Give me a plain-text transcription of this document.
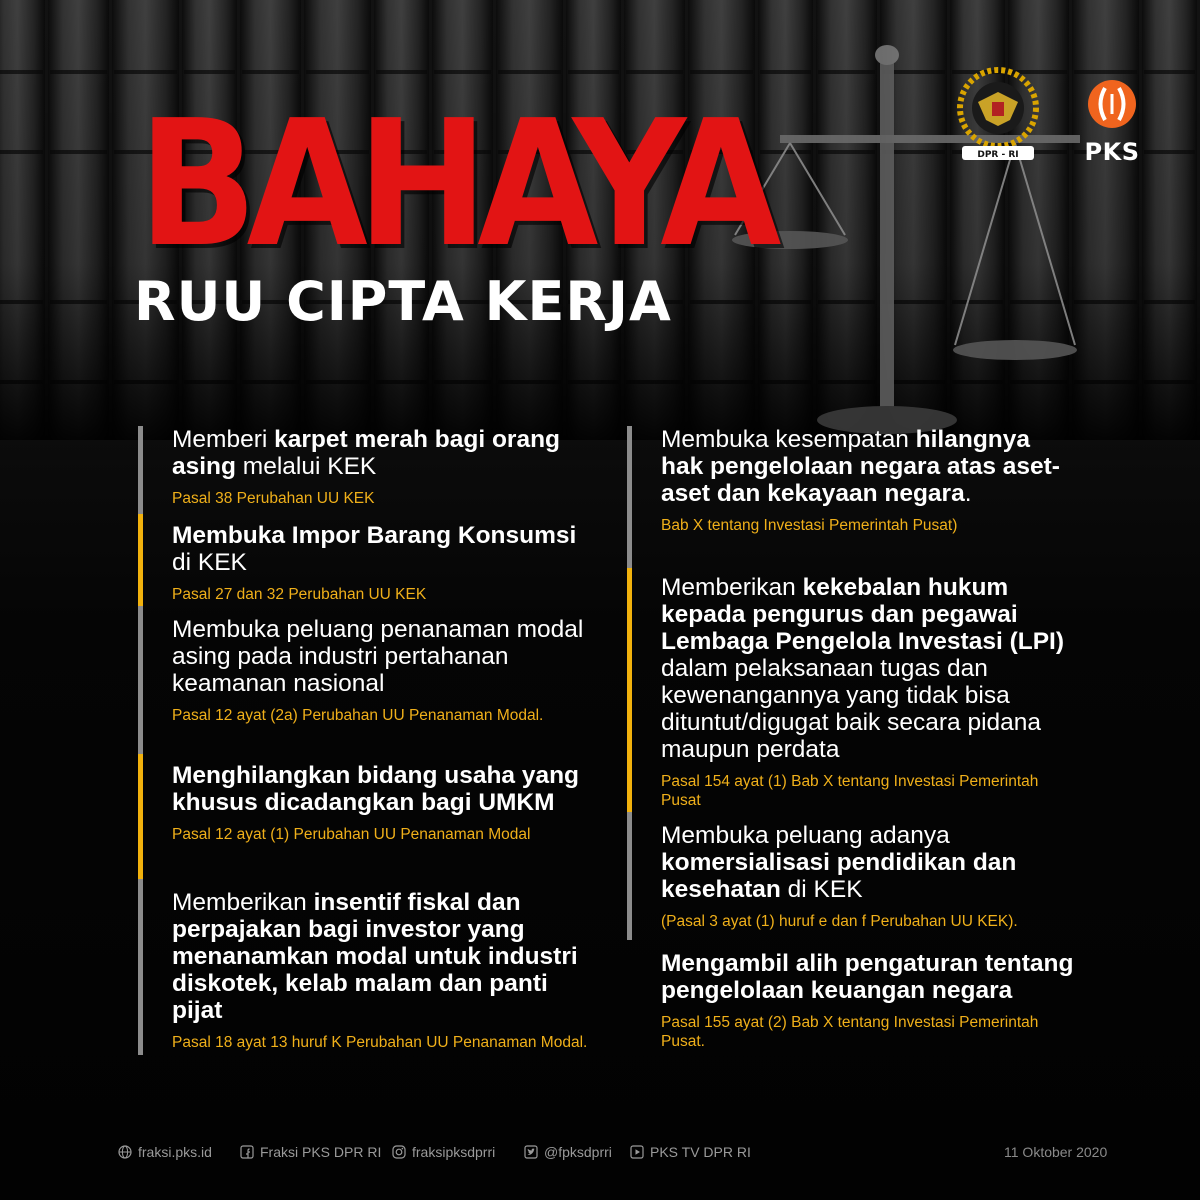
DPR - RI	PKS
BAHAYA
RUU CIPTA KERJA
Memberi karpet merah bagi orang asing melalui KEK
Pasal 38 Perubahan UU KEK
Membuka Impor Barang Konsumsi di KEK
Pasal 27 dan 32 Perubahan UU KEK
Membuka peluang penanaman modal asing pada industri pertahanan keamanan nasional
Pasal 12 ayat (2a) Perubahan UU Penanaman Modal.
Menghilangkan bidang usaha yang khusus dicadangkan bagi UMKM
Pasal 12 ayat (1) Perubahan UU Penanaman Modal
Memberikan insentif fiskal dan perpajakan bagi investor yang menanamkan modal untuk industri diskotek, kelab malam dan panti pijat
Pasal 18 ayat 13 huruf K Perubahan UU Penanaman Modal.
Membuka kesempatan hilangnya hak pengelolaan negara atas aset-aset dan kekayaan negara.
Bab X tentang Investasi Pemerintah Pusat)
Memberikan kekebalan hukum kepada pengurus dan pegawai Lembaga Pengelola Investasi (LPI) dalam pelaksanaan tugas dan kewenangannya yang tidak bisa dituntut/digugat baik secara pidana maupun perdata
Pasal 154 ayat (1) Bab X tentang Investasi Pemerintah Pusat
Membuka peluang adanya komersialisasi pendidikan dan kesehatan di KEK
(Pasal 3 ayat (1) huruf e dan f Perubahan UU KEK).
Mengambil alih pengaturan tentang pengelolaan keuangan negara
Pasal 155 ayat (2) Bab X tentang Investasi Pemerintah Pusat.
fraksi.pks.id	Fraksi PKS DPR RI fraksipksdprri	@fpksdprri	PKS TV DPR RI	11 Oktober 2020
